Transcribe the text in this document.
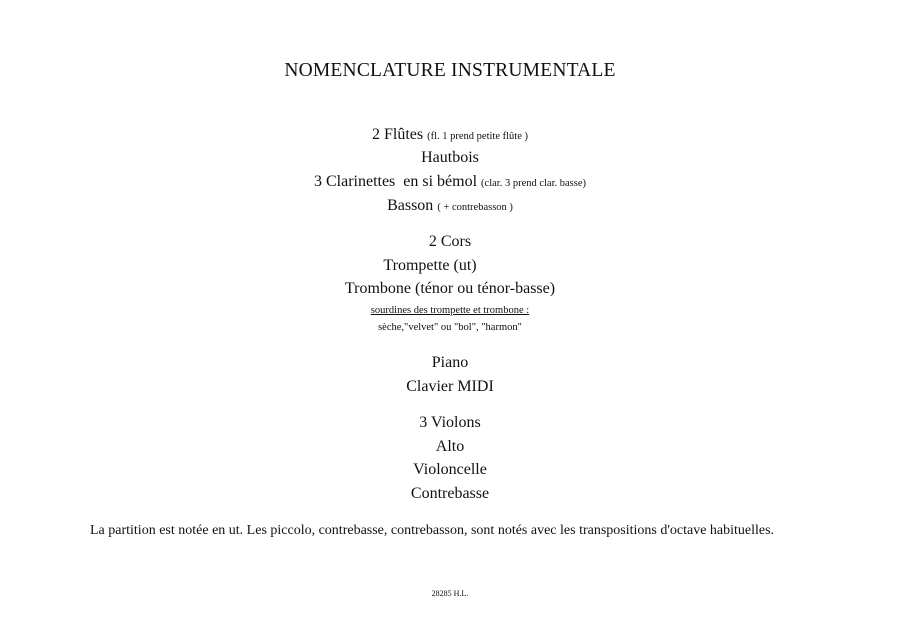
NOMENCLATURE INSTRUMENTALE
2 Flûtes (fl. 1 prend petite flûte )
Hautbois
3 Clarinettes  en si bémol (clar. 3 prend clar. basse)
Basson ( + contrebasson )
2 Cors
Trompette (ut)
Trombone (ténor ou ténor-basse)
sourdines des trompette et trombone :
sèche,"velvet" ou "bol", "harmon"
Piano
Clavier MIDI
3 Violons
Alto
Violoncelle
Contrebasse
La partition est notée en ut. Les piccolo, contrebasse, contrebasson, sont notés avec les transpositions d'octave habituelles.
28285 H.L.
